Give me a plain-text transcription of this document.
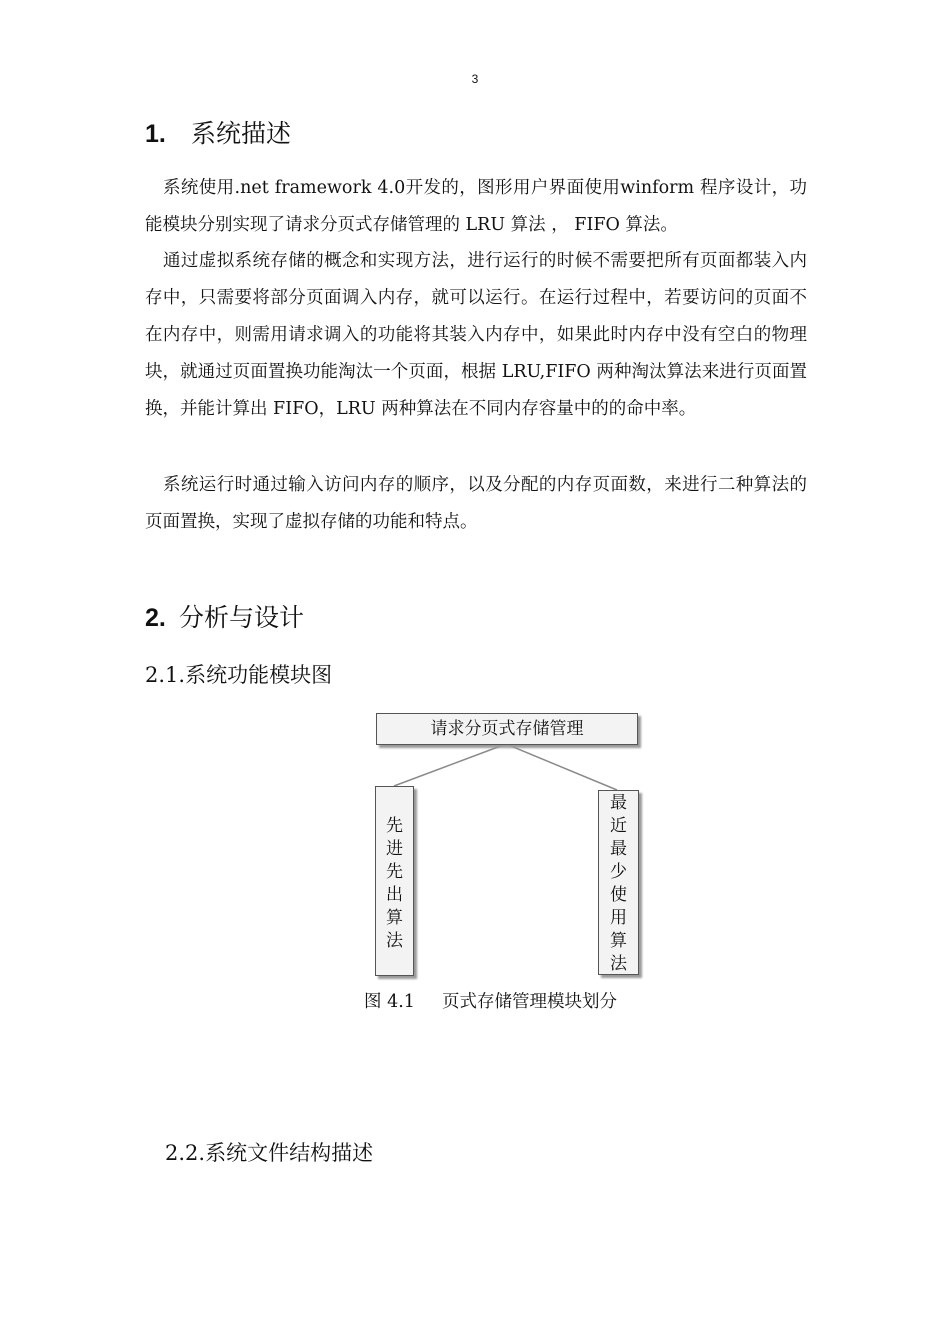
3
1. 系统描述

系统使用.net framework 4.0开发的，图形用户界面使用winform 程序设计，功能模块分别实现了请求分页式存储管理的 LRU 算法 ， FIFO 算法。

通过虚拟系统存储的概念和实现方法，进行运行的时候不需要把所有页面都装入内存中，只需要将部分页面调入内存，就可以运行。在运行过程中，若要访问的页面不在内存中，则需用请求调入的功能将其装入内存中，如果此时内存中没有空白的物理块，就通过页面置换功能淘汰一个页面，根据 LRU,FIFO 两种淘汰算法来进行页面置换，并能计算出 FIFO，LRU 两种算法在不同内存容量中的的命中率。

系统运行时通过输入访问内存的顺序，以及分配的内存页面数，来进行二种算法的页面置换，实现了虚拟存储的功能和特点。

2. 分析与设计
2.1.系统功能模块图
请求分页式存储管理
先
进
先
出
算
法
最
近
最
少
使
用
算
法
图 4.1 页式存储管理模块划分
2.2.系统文件结构描述
